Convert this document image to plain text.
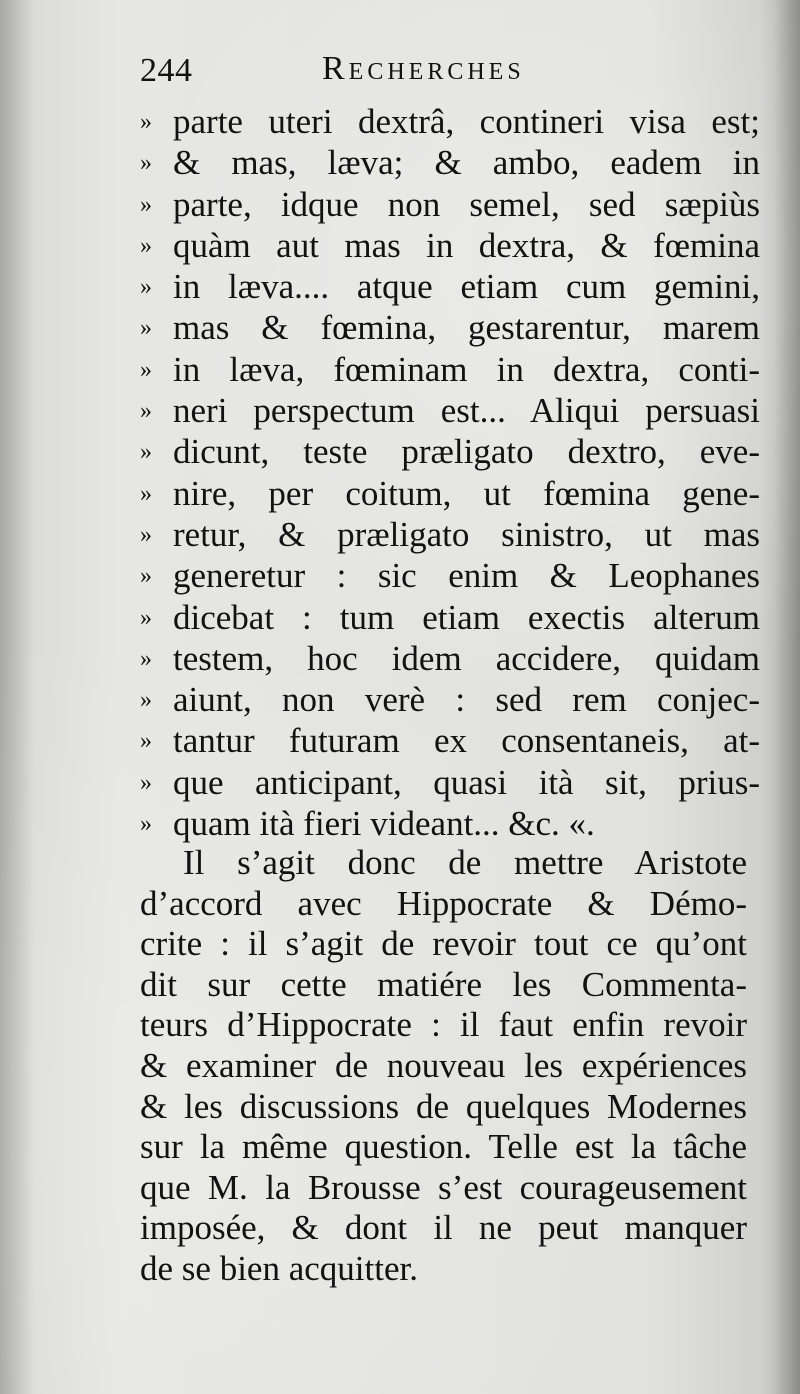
244	Recherches
» parte uteri dextrâ, contineri visa est;
» & mas, læva; & ambo, eadem in
» parte, idque non semel, sed sæpiùs
» quàm aut mas in dextra, & fœmina
» in læva.... atque etiam cum gemini,
» mas & fœmina, gestarentur, marem
» in læva, fœminam in dextra, conti-
» neri perspectum est... Aliqui persuasi
» dicunt, teste præligato dextro, eve-
» nire, per coitum, ut fœmina gene-
» retur, & præligato sinistro, ut mas
» generetur : sic enim & Leophanes
» dicebat : tum etiam exectis alterum
» testem, hoc idem accidere, quidam
» aiunt, non verè : sed rem conjec-
» tantur futuram ex consentaneis, at-
» que anticipant, quasi ità sit, prius-
» quam ità fieri videant... &c. «.
Il s’agit donc de mettre Aristote
d’accord avec Hippocrate & Démo-
crite : il s’agit de revoir tout ce qu’ont
dit sur cette matiére les Commenta-
teurs d’Hippocrate : il faut enfin revoir
& examiner de nouveau les expériences
& les discussions de quelques Modernes
sur la même question. Telle est la tâche
que M. la Brousse s’est courageusement
imposée, & dont il ne peut manquer
de se bien acquitter.
